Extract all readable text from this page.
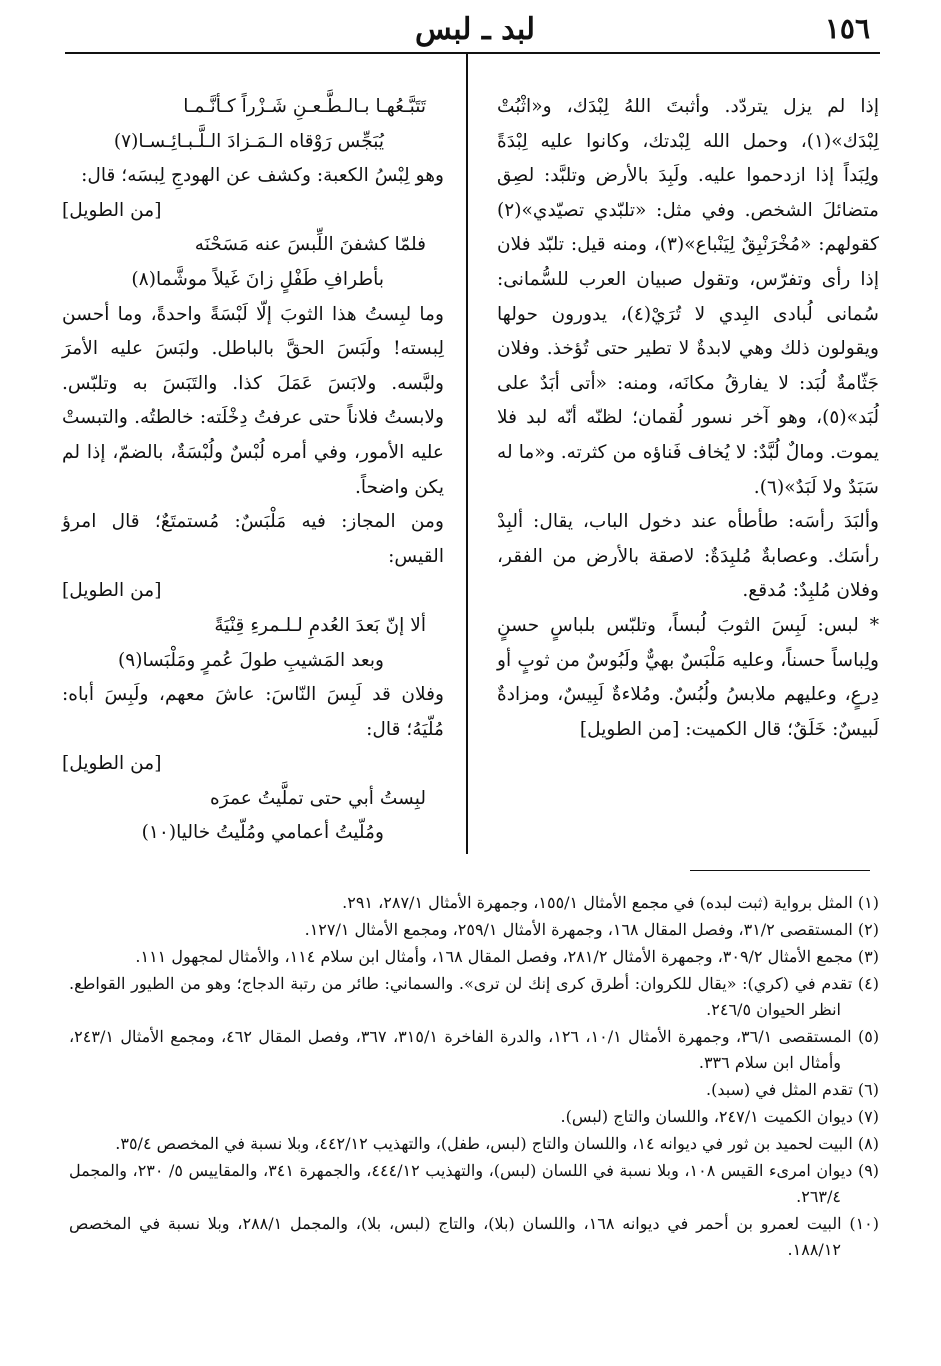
١٥٦
لبد ـ لبس

إذا لم يزل يتردّد. وأثبتَ اللهُ لِبْدَك، و«اثْبُتْ لِبْدَك»(١)، وحمل الله لِبْدتك، وكانوا عليه لِبْدَةً ولِبَداً إذا ازدحموا عليه. ولَبِدَ بالأرض وتلبَّد: لصِق متضائلَ الشخص. وفي مثل: «تلبّدي تصيّدي»(٢) كقولهم: «مُخْرَنْبِقٌ لِيَنْباع»(٣)، ومنه قيل: تلبّد فلان إذا رأى وتفرّس، وتقول صبيان العرب للسُّمانى: سُمانى لُبادى البِدي لا تُرَيْ(٤)، يدورون حولها ويقولون ذلك وهي لابدةٌ لا تطير حتى تُؤخذ. وفلان جَثّامةٌ لُبَد: لا يفارقُ مكانَه، ومنه: «أتى أبَدٌ على لُبَد»(٥)، وهو آخر نسور لُقمان؛ لظنّه أنّه لبد فلا يموت. ومالٌ لُبَّدٌ: لا يُخاف فَناؤه من كثرته. و«ما له سَبَدٌ ولا لَبَدٌ»(٦).

وألبَدَ رأسَه: طأطأه عند دخول الباب، يقال: ألبِدْ رأسَك. وعصابةٌ مُلبِدَةٌ: لاصقة بالأرض من الفقر، وفلان مُلبِدٌ: مُدقع.

* لبس: لَبِسَ الثوبَ لُبساً، وتلبّس بلباسٍ حسنٍ ولِباساً حسناً، وعليه مَلْبَسٌ بهيٌّ ولَبُوسٌ من ثوبٍ أو دِرعٍ، وعليهم ملابسُ ولُبُسٌ. ومُلاءةٌ لَبِيسٌ، ومزادةٌ لَبيسٌ: خَلَقٌ؛ قال الكميت: [من الطويل]

تَتَبَّـعُهـا بـالـطَّـعـنِ شَـزْراً كـأنَّـمـا
يُبَجِّس رَوْقاه الـمَـزادَ الـلَّـبـائِـسـا(٧)

وهو لِبْسُ الكعبة: وكشف عن الهودجِ لِبسَه؛ قال:

[من الطويل]
فلمّا كشفنَ اللِّبسَ عنه مَسَحْنَه
بأطرافِ طَفْلٍ زانَ غَيلاً موشَّما(٨)

وما لبِستُ هذا الثوبَ إلّا لَبْسَةً واحدةً، وما أحسن لِبسته! ولَبَسَ الحقَّ بالباطل. ولبَسَ عليه الأمرَ ولبَّسه. ولابَسَ عَمَلَ كذا. والتَبَسَ به وتلبّس. ولابستُ فلاناً حتى عرفتُ دِخْلَته: خالطتُه. والتبستْ عليه الأمور، وفي أمره لُبْسٌ ولُبْسَةٌ، بالضمّ، إذا لم يكن واضحاً.

ومن المجاز: فيه مَلْبَسٌ: مُستمتَعٌ؛ قال امرؤ القيس:

[من الطويل]
ألا إنّ بَعدَ العُدمِ لـلـمرءِ قِنْيَةً
وبعد المَشيبِ طولَ عُمرٍ ومَلْبَسا(٩)

وفلان قد لَبِسَ النّاسَ: عاشَ معهم، ولَبِسَ أباه: مُلّيَهُ؛ قال:

[من الطويل]
لبِستُ أبي حتى تملَّيتُ عمرَه
ومُلّيتُ أعمامي ومُلّيتُ خاليا(١٠)

(١) المثل برواية (ثبت لبده) في مجمع الأمثال ١٥٥/١، وجمهرة الأمثال ٢٨٧/١، ٢٩١.

(٢) المستقصى ٣١/٢، وفصل المقال ١٦٨، وجمهرة الأمثال ٢٥٩/١، ومجمع الأمثال ١٢٧/١.

(٣) مجمع الأمثال ٣٠٩/٢، وجمهرة الأمثال ٢٨١/٢، وفصل المقال ١٦٨، وأمثال ابن سلام ١١٤، والأمثال لمجهول ١١١.

(٤) تقدم في (كري): «يقال للكروان: أطرق كرى إنك لن ترى». والسماني: طائر من رتبة الدجاج؛ وهو من الطيور القواطع. انظر الحيوان ٢٤٦/٥.

(٥) المستقصى ٣٦/١، وجمهرة الأمثال ١٠/١، ١٢٦، والدرة الفاخرة ٣١٥/١، ٣٦٧، وفصل المقال ٤٦٢، ومجمع الأمثال ٢٤٣/١، وأمثال ابن سلام ٣٣٦.

(٦) تقدم المثل في (سبد).

(٧) ديوان الكميت ٢٤٧/١، واللسان والتاج (لبس).

(٨) البيت لحميد بن ثور في ديوانه ١٤، واللسان والتاج (لبس، طفل)، والتهذيب ٤٤٢/١٢، وبلا نسبة في المخصص ٣٥/٤.

(٩) ديوان امرىء القيس ١٠٨، وبلا نسبة في اللسان (لبس)، والتهذيب ٤٤٤/١٢، والجمهرة ٣٤١، والمقاييس ٥/ ٢٣٠، والمجمل ٢٦٣/٤.

(١٠) البيت لعمرو بن أحمر في ديوانه ١٦٨، واللسان (بلا)، والتاج (لبس، بلا)، والمجمل ٢٨٨/١، وبلا نسبة في المخصص ١٨٨/١٢.
